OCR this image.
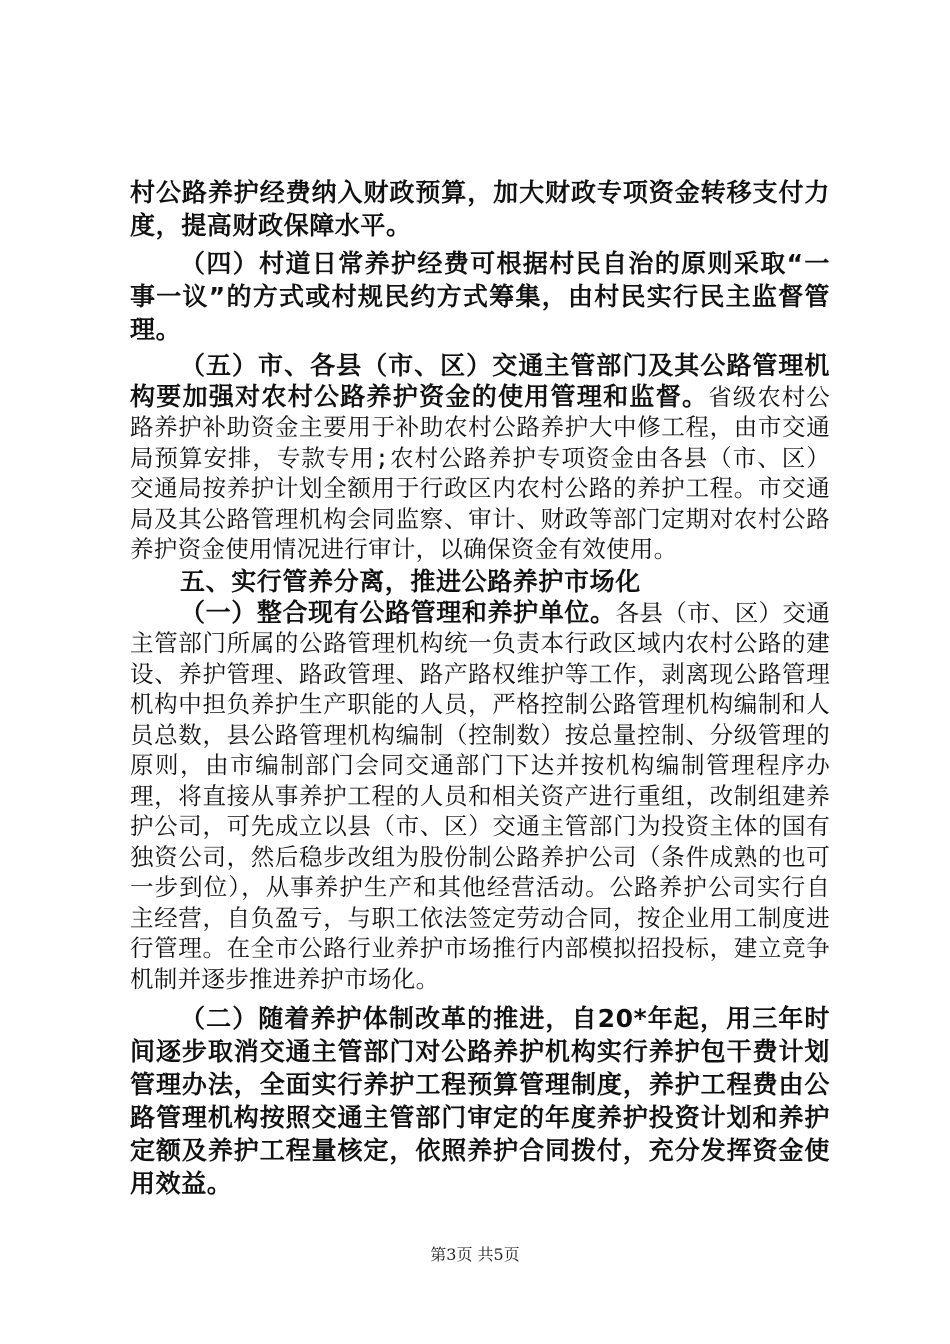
村公路养护经费纳入财政预算，加大财政专项资金转移支付力度，提高财政保障水平。

（四）村道日常养护经费可根据村民自治的原则采取“一事一议”的方式或村规民约方式筹集，由村民实行民主监督管理。

（五）市、各县（市、区）交通主管部门及其公路管理机构要加强对农村公路养护资金的使用管理和监督。省级农村公路养护补助资金主要用于补助农村公路养护大中修工程，由市交通局预算安排，专款专用;农村公路养护专项资金由各县（市、区）交通局按养护计划全额用于行政区内农村公路的养护工程。市交通局及其公路管理机构会同监察、审计、财政等部门定期对农村公路养护资金使用情况进行审计，以确保资金有效使用。

五、实行管养分离，推进公路养护市场化

（一）整合现有公路管理和养护单位。各县（市、区）交通主管部门所属的公路管理机构统一负责本行政区域内农村公路的建设、养护管理、路政管理、路产路权维护等工作，剥离现公路管理机构中担负养护生产职能的人员，严格控制公路管理机构编制和人员总数，县公路管理机构编制（控制数）按总量控制、分级管理的原则，由市编制部门会同交通部门下达并按机构编制管理程序办理，将直接从事养护工程的人员和相关资产进行重组，改制组建养护公司，可先成立以县（市、区）交通主管部门为投资主体的国有独资公司，然后稳步改组为股份制公路养护公司（条件成熟的也可一步到位），从事养护生产和其他经营活动。公路养护公司实行自主经营，自负盈亏，与职工依法签定劳动合同，按企业用工制度进行管理。在全市公路行业养护市场推行内部模拟招投标，建立竞争机制并逐步推进养护市场化。

（二）随着养护体制改革的推进，自20*年起，用三年时间逐步取消交通主管部门对公路养护机构实行养护包干费计划管理办法，全面实行养护工程预算管理制度，养护工程费由公路管理机构按照交通主管部门审定的年度养护投资计划和养护定额及养护工程量核定，依照养护合同拨付，充分发挥资金使用效益。

第3页 共5页
